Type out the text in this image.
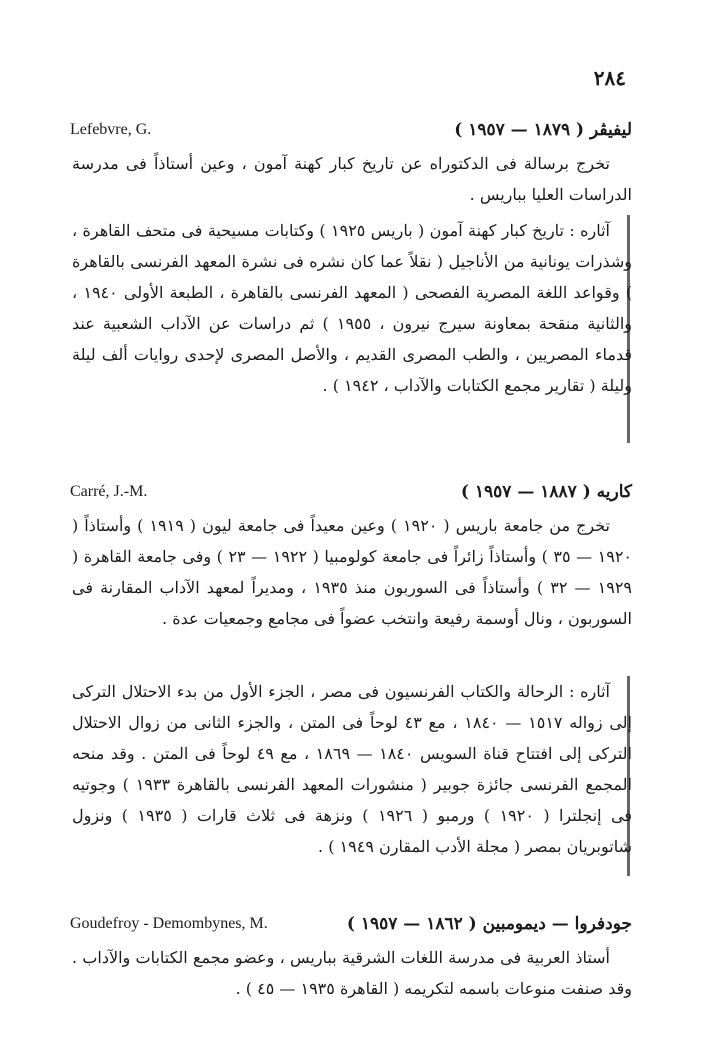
٢٨٤
Lefebvre, G.	ليفيڤر ( ١٨٧٩ — ١٩٥٧ )
تخرج برسالة فى الدكتوراه عن تاريخ كبار كهنة آمون ، وعين أستاذاً فى مدرسة الدراسات العليا بباريس .
آثاره : تاريخ كبار كهنة آمون ( باريس ١٩٢٥ ) وكتابات مسيحية فى متحف القاهرة ، وشذرات يونانية من الأناجيل ( نقلاً عما كان نشره فى نشرة المعهد الفرنسى بالقاهرة ) وقواعد اللغة المصرية الفصحى ( المعهد الفرنسى بالقاهرة ، الطبعة الأولى ١٩٤٠ ، والثانية منقحة بمعاونة سيرج نيرون ، ١٩٥٥ ) ثم دراسات عن الآداب الشعبية عند قدماء المصريين ، والطب المصرى القديم ، والأصل المصرى لإحدى روايات ألف ليلة وليلة ( تقارير مجمع الكتابات والآداب ، ١٩٤٢ ) .
Carré, J.-M.	كاريه ( ١٨٨٧ — ١٩٥٧ )
تخرج من جامعة باريس ( ١٩٢٠ ) وعين معيداً فى جامعة ليون ( ١٩١٩ ) وأستاذاً ( ١٩٢٠ — ٣٥ ) وأستاذاً زائراً فى جامعة كولومبيا ( ١٩٢٢ — ٢٣ ) وفى جامعة القاهرة ( ١٩٢٩ — ٣٢ ) وأستاذاً فى السوربون منذ ١٩٣٥ ، ومديراً لمعهد الآداب المقارنة فى السوربون ، ونال أوسمة رفيعة وانتخب عضواً فى مجامع وجمعيات عدة .
آثاره : الرحالة والكتاب الفرنسيون فى مصر ، الجزء الأول من بدء الاحتلال التركى إلى زواله ١٥١٧ — ١٨٤٠ ، مع ٤٣ لوحاً فى المتن ، والجزء الثانى من زوال الاحتلال التركى إلى افتتاح قناة السويس ١٨٤٠ — ١٨٦٩ ، مع ٤٩ لوحاً فى المتن . وقد منحه المجمع الفرنسى جائزة جوبير ( منشورات المعهد الفرنسى بالقاهرة ١٩٣٣ ) وجوتيه فى إنجلترا ( ١٩٢٠ ) ورمبو ( ١٩٢٦ ) ونزهة فى ثلاث قارات ( ١٩٣٥ ) ونزول شاتوبريان بمصر ( مجلة الأدب المقارن ١٩٤٩ ) .
Goudefroy - Demombynes, M.	جودفروا — ديمومبين ( ١٨٦٢ — ١٩٥٧ )
أستاذ العربية فى مدرسة اللغات الشرقية بباريس ، وعضو مجمع الكتابات والآداب . وقد صنفت منوعات باسمه لتكريمه ( القاهرة ١٩٣٥ — ٤٥ ) .
